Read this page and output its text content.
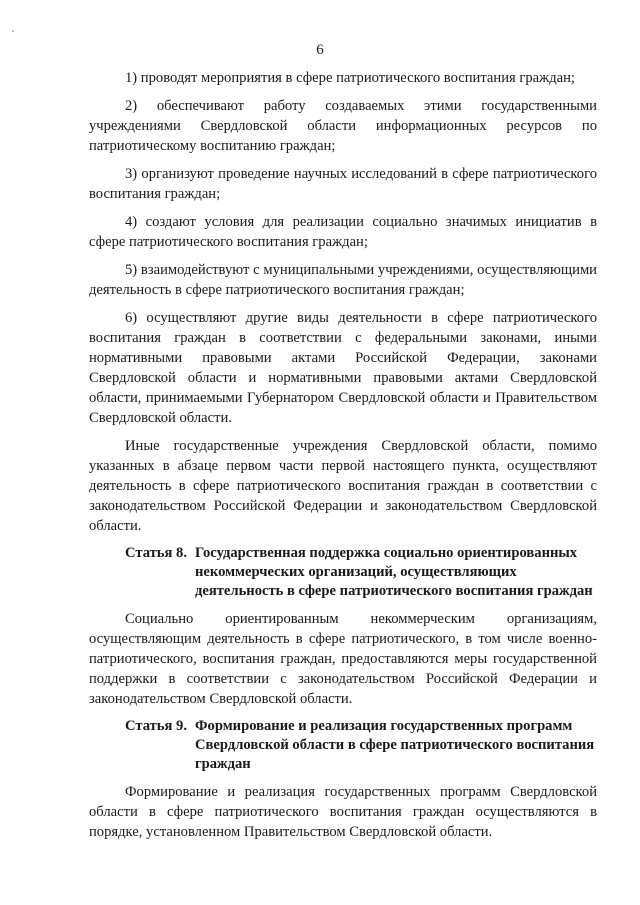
6

1) проводят мероприятия в сфере патриотического воспитания граждан;

2) обеспечивают работу создаваемых этими государственными учреждениями Свердловской области информационных ресурсов по патриотическому воспитанию граждан;

3) организуют проведение научных исследований в сфере патриотического воспитания граждан;

4) создают условия для реализации социально значимых инициатив в сфере патриотического воспитания граждан;

5) взаимодействуют с муниципальными учреждениями, осуществляющими деятельность в сфере патриотического воспитания граждан;

6) осуществляют другие виды деятельности в сфере патриотического воспитания граждан в соответствии с федеральными законами, иными нормативными правовыми актами Российской Федерации, законами Свердловской области и нормативными правовыми актами Свердловской области, принимаемыми Губернатором Свердловской области и Правительством Свердловской области.

Иные государственные учреждения Свердловской области, помимо указанных в абзаце первом части первой настоящего пункта, осуществляют деятельность в сфере патриотического воспитания граждан в соответствии с законодательством Российской Федерации и законодательством Свердловской области.

Статья 8. Государственная поддержка социально ориентированных некоммерческих организаций, осуществляющих деятельность в сфере патриотического воспитания граждан

Социально ориентированным некоммерческим организациям, осуществляющим деятельность в сфере патриотического, в том числе военно-патриотического, воспитания граждан, предоставляются меры государственной поддержки в соответствии с законодательством Российской Федерации и законодательством Свердловской области.

Статья 9. Формирование и реализация государственных программ Свердловской области в сфере патриотического воспитания граждан

Формирование и реализация государственных программ Свердловской области в сфере патриотического воспитания граждан осуществляются в порядке, установленном Правительством Свердловской области.
